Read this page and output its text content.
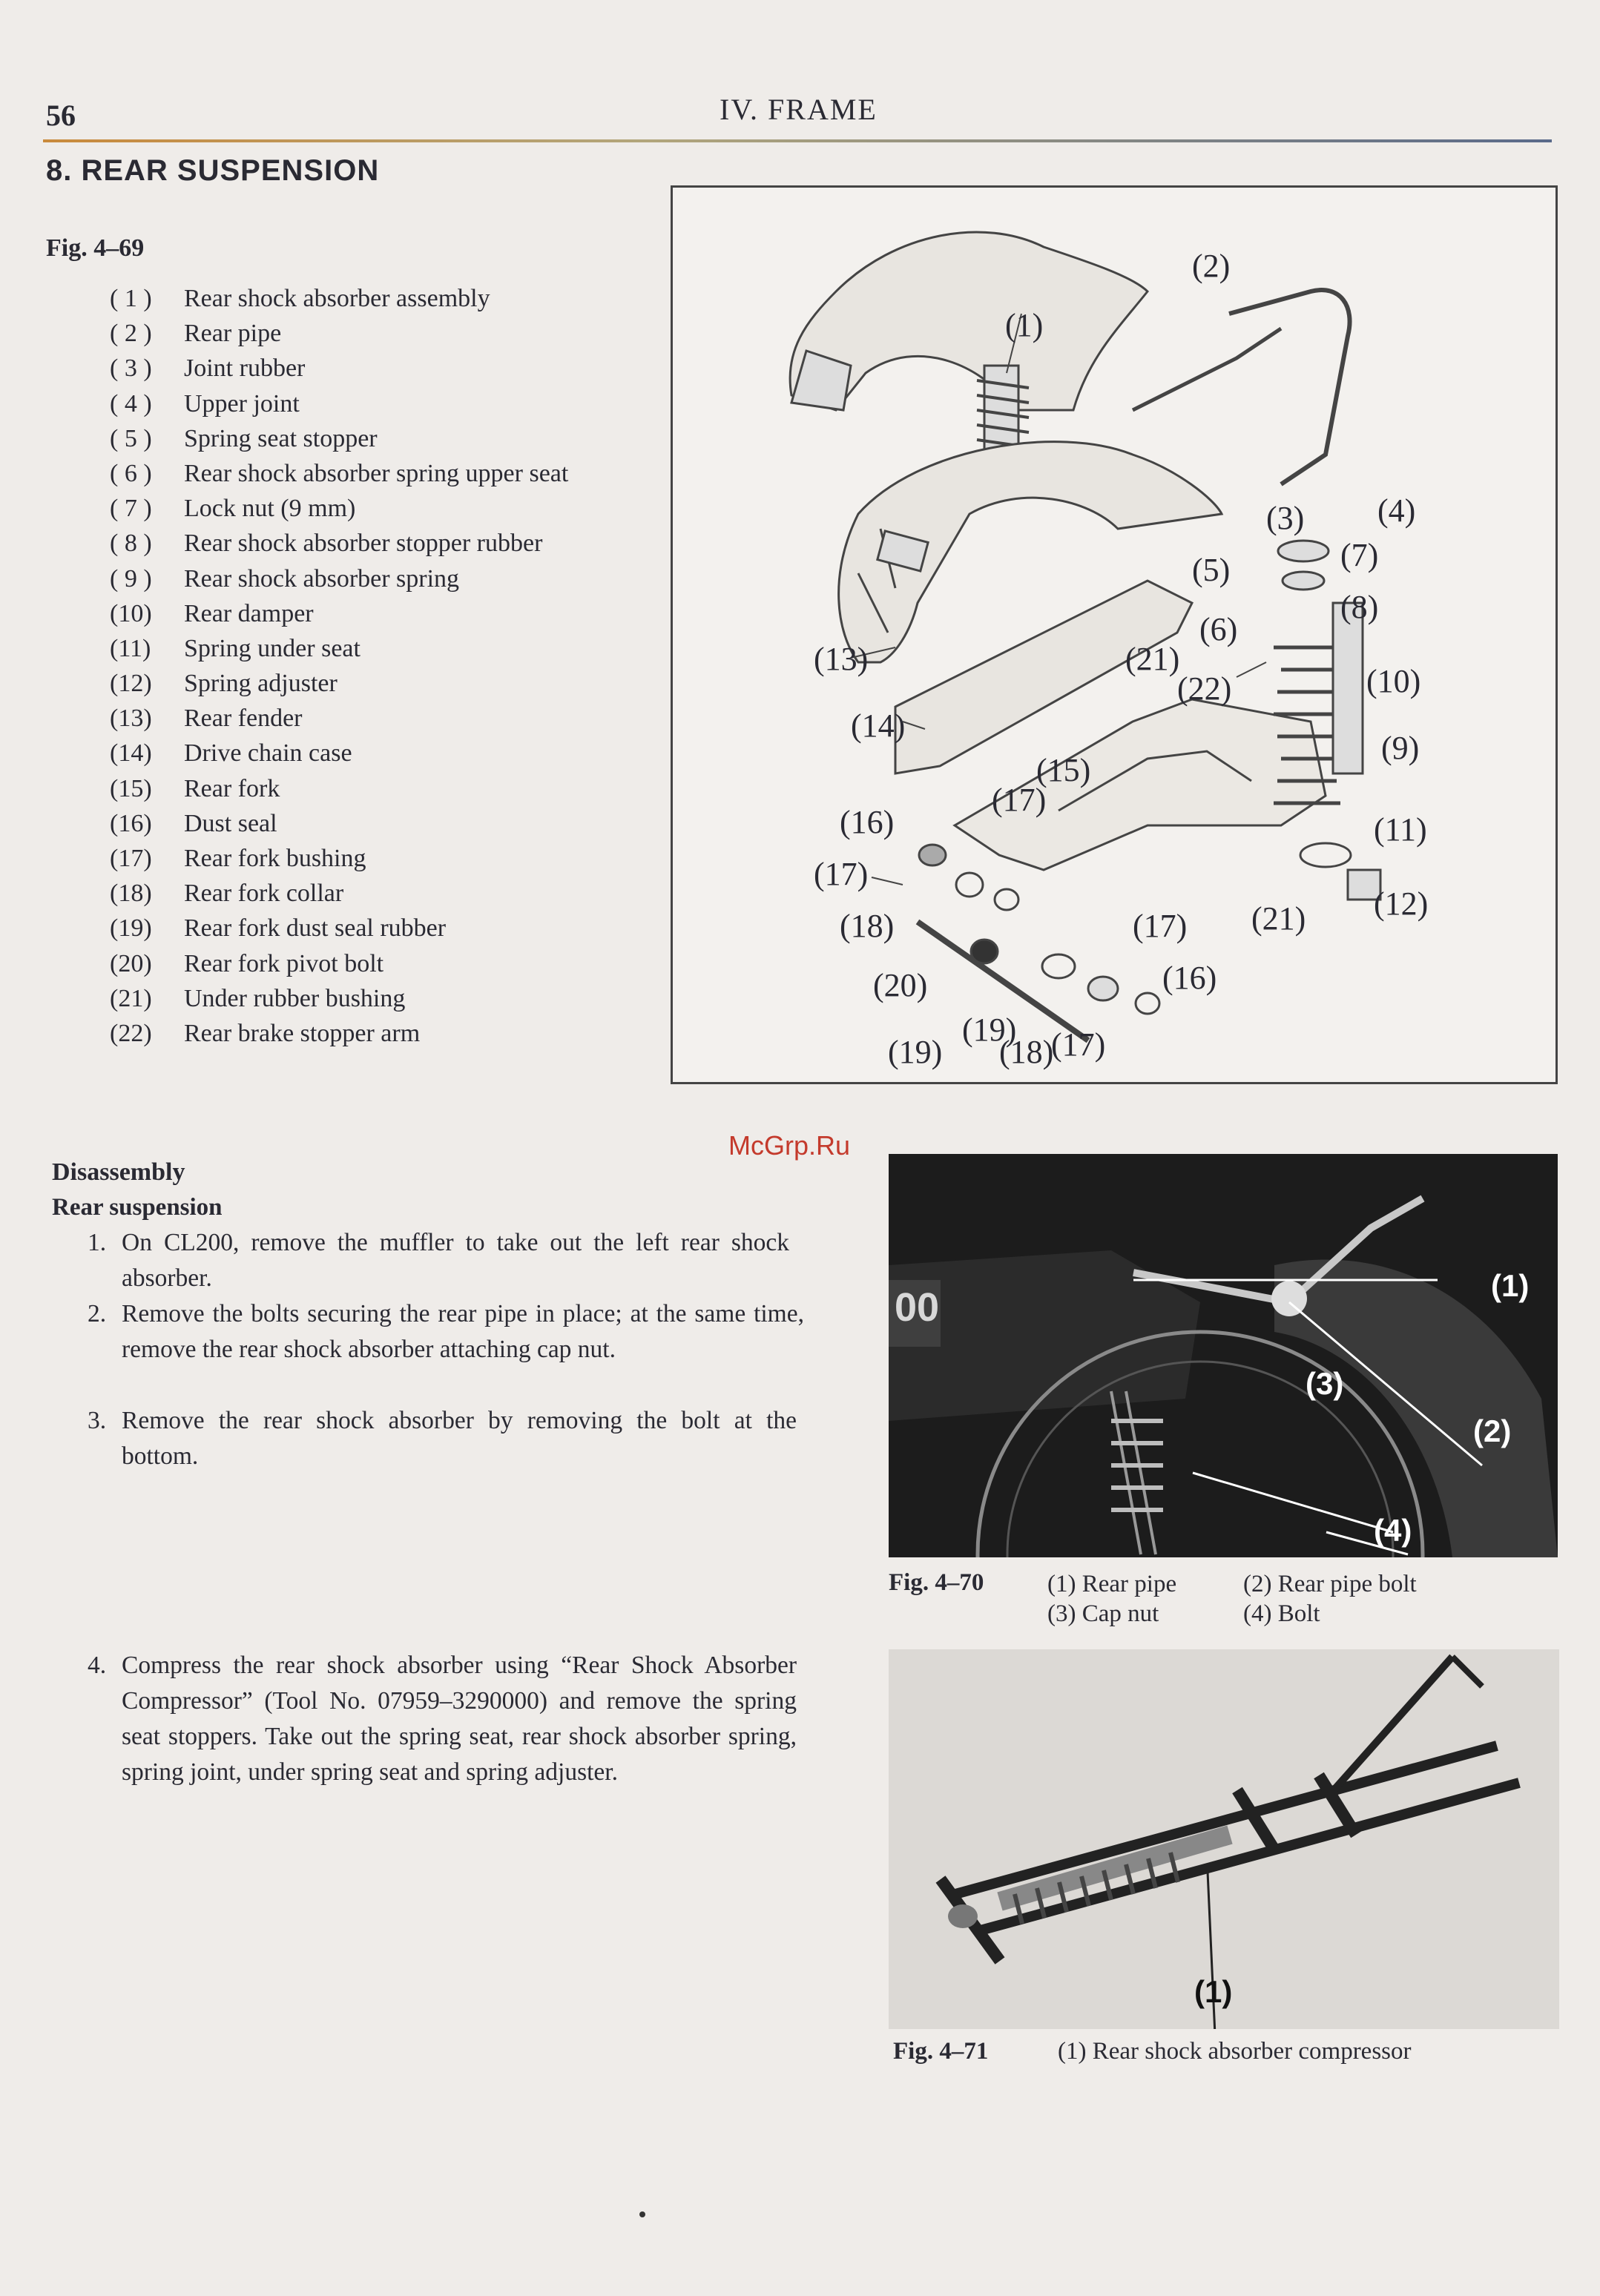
56	IV. FRAME
8. REAR SUSPENSION
Fig. 4–69
( 1 )	Rear shock absorber assembly
( 2 )	Rear pipe
( 3 )	Joint rubber
( 4 )	Upper joint
( 5 )	Spring seat stopper
( 6 )	Rear shock absorber spring upper seat
( 7 )	Lock nut (9 mm)
( 8 )	Rear shock absorber stopper rubber
( 9 )	Rear shock absorber spring
(10)	Rear damper
(11)	Spring under seat
(12)	Spring adjuster
(13)	Rear fender
(14)	Drive chain case
(15)	Rear fork
(16)	Dust seal
(17)	Rear fork bushing
(18)	Rear fork collar
(19)	Rear fork dust seal rubber
(20)	Rear fork pivot bolt
(21)	Under rubber bushing
(22)	Rear brake stopper arm
(1)
(2)
(3) (4)
(5)
(6)
(7)
(8)
(9)
(10)
(11)
(12)
(13)
(14)
(15)
(16)
(17)
(17)
(17)
(17)
(18)
(18)
(19)
(19)
(20)
(21)
(21)
(22)
(16)
McGrp.Ru
Disassembly
Rear suspension
1. On CL200, remove the muffler to take out the left rear shock absorber.
2. Remove the bolts securing the rear pipe in place; at the same time, remove the rear shock absorber attaching cap nut.
3. Remove the rear shock absorber by removing the bolt at the bottom.
4. Compress the rear shock absorber using “Rear Shock Absorber Compressor” (Tool No. 07959–3290000) and remove the spring seat stoppers. Take out the spring seat, rear shock absorber spring, spring joint, under spring seat and spring adjuster.
00	(1)
(3)
(2)
(4)
Fig. 4–70	(1) Rear pipe	(2) Rear pipe bolt
(3) Cap nut	(4) Bolt
(1)
Fig. 4–71	(1) Rear shock absorber compressor
